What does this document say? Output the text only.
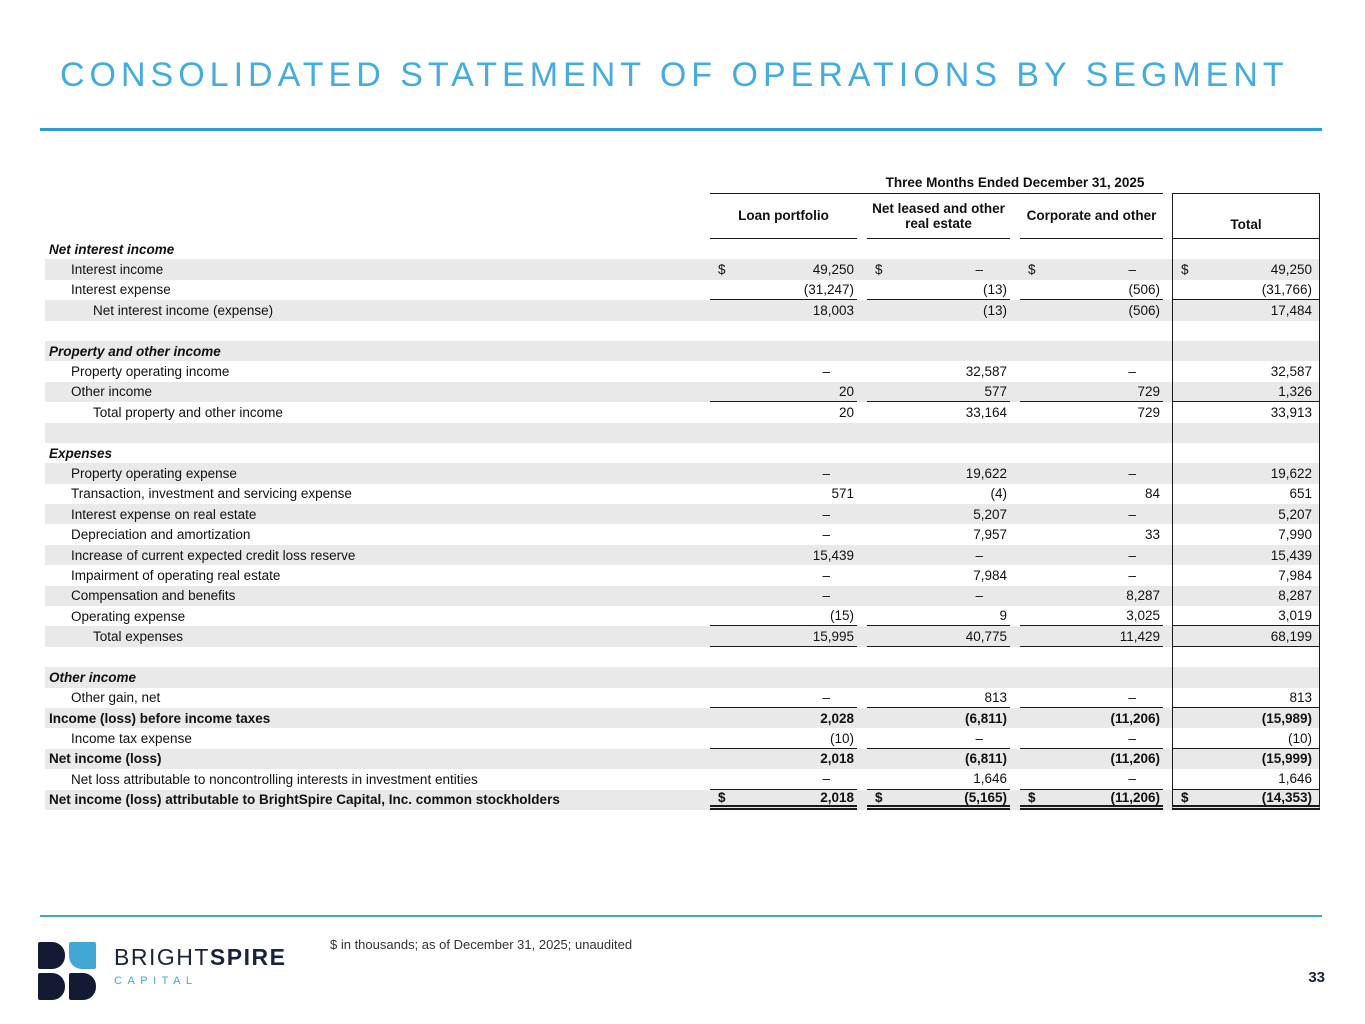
CONSOLIDATED STATEMENT OF OPERATIONS BY SEGMENT
Three Months Ended December 31, 2025
Loan portfolio
Net leased and other real estate
Corporate and other
Total
Net interest income
Interest income	$	49,250 $	–	$	–	$	49,250
Interest expense	(31,247)	(13)	(506)	(31,766)
Net interest income (expense)	18,003	(13)	(506)	17,484
Property and other income
Property operating income	–	32,587	–	32,587
Other income	20	577	729	1,326
Total property and other income	20	33,164	729	33,913
Expenses
Property operating expense	–	19,622	–	19,622
Transaction, investment and servicing expense	571	(4)	84	651
Interest expense on real estate	–	5,207	–	5,207
Depreciation and amortization	–	7,957	33	7,990
Increase of current expected credit loss reserve	15,439	–	–	15,439
Impairment of operating real estate	–	7,984	–	7,984
Compensation and benefits	–	–	8,287	8,287
Operating expense	(15)	9	3,025	3,019
Total expenses	15,995	40,775	11,429	68,199
Other income
Other gain, net	–	813	–	813
Income (loss) before income taxes	2,028	(6,811)	(11,206)	(15,989)
Income tax expense	(10)	–	–	(10)
Net income (loss)	2,018	(6,811)	(11,206)	(15,999)
Net loss attributable to noncontrolling interests in investment entities	–	1,646	–	1,646
Net income (loss) attributable to BrightSpire Capital, Inc. common stockholders	$	2,018 $	(5,165) $	(11,206) $	(14,353)
BRIGHTSPIRE
CAPITAL
$ in thousands; as of December 31, 2025; unaudited
33
